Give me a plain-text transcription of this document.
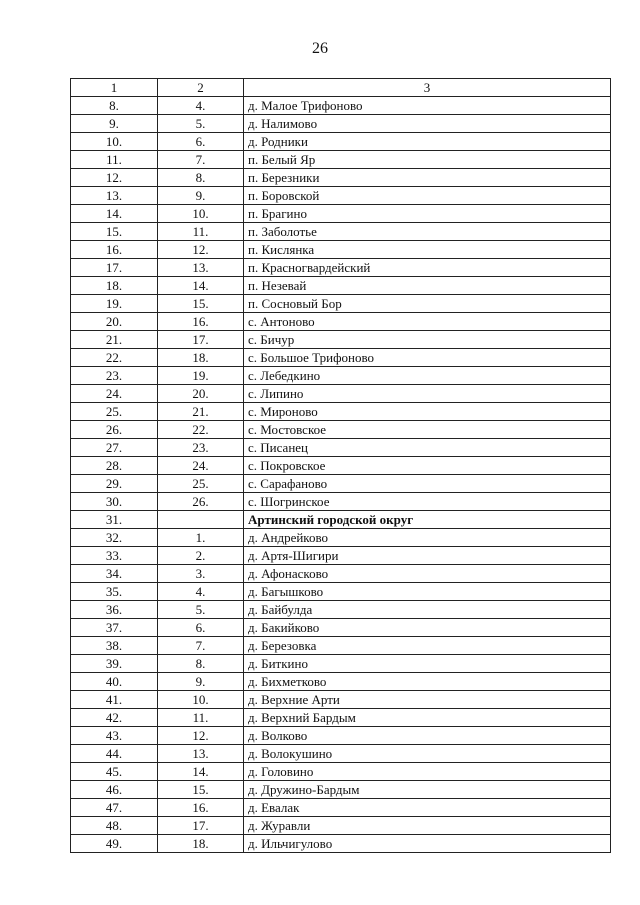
26
1	2	3
8.	4.	д. Малое Трифоново
9.	5.	д. Налимово
10.	6.	д. Родники
11.	7.	п. Белый Яр
12.	8.	п. Березники
13.	9.	п. Боровской
14.	10.	п. Брагино
15.	11.	п. Заболотье
16.	12.	п. Кислянка
17.	13.	п. Красногвардейский
18.	14.	п. Незевай
19.	15.	п. Сосновый Бор
20.	16.	с. Антоново
21.	17.	с. Бичур
22.	18.	с. Большое Трифоново
23.	19.	с. Лебедкино
24.	20.	с. Липино
25.	21.	с. Мироново
26.	22.	с. Мостовское
27.	23.	с. Писанец
28.	24.	с. Покровское
29.	25.	с. Сарафаново
30.	26.	с. Шогринское
31.		Артинский городской округ
32.	1.	д. Андрейково
33.	2.	д. Артя-Шигири
34.	3.	д. Афонасково
35.	4.	д. Багышково
36.	5.	д. Байбулда
37.	6.	д. Бакийково
38.	7.	д. Березовка
39.	8.	д. Биткино
40.	9.	д. Бихметково
41.	10.	д. Верхние Арти
42.	11.	д. Верхний Бардым
43.	12.	д. Волково
44.	13.	д. Волокушино
45.	14.	д. Головино
46.	15.	д. Дружино-Бардым
47.	16.	д. Евалак
48.	17.	д. Журавли
49.	18.	д. Ильчигулово
